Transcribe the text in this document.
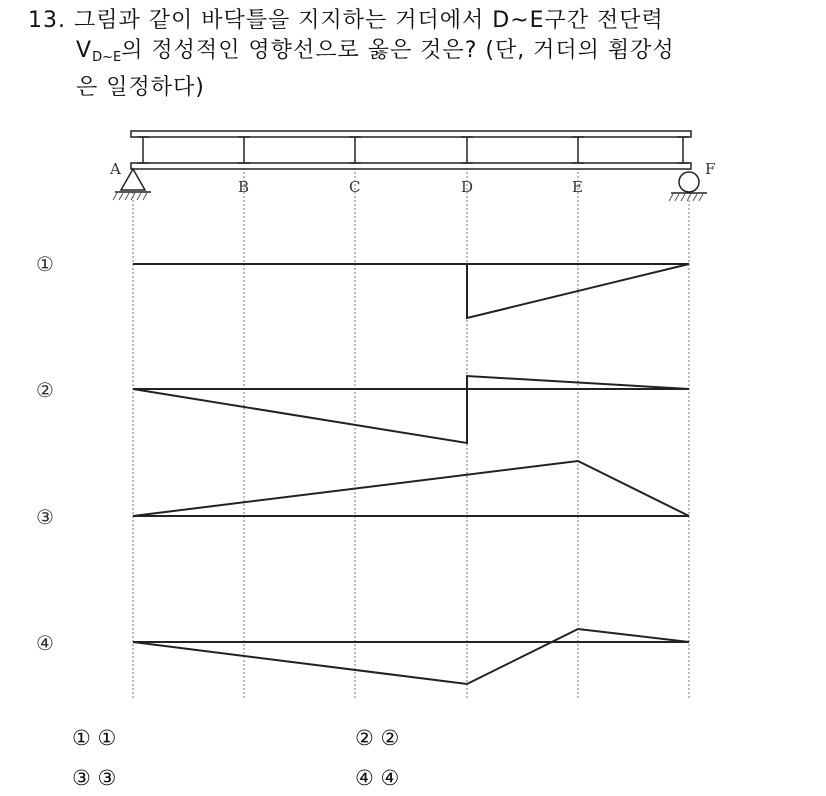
13. 그림과 같이 바닥틀을 지지하는 거더에서 D~E구간 전단력
$V_{D\sim E}$의 정성적인 영향선으로 옳은 것은? (단, 거더의 휨강성
은 일정하다)
A
B	C	D	E
F
①
②
③
④
① ①	② ②
③ ③	④ ④
